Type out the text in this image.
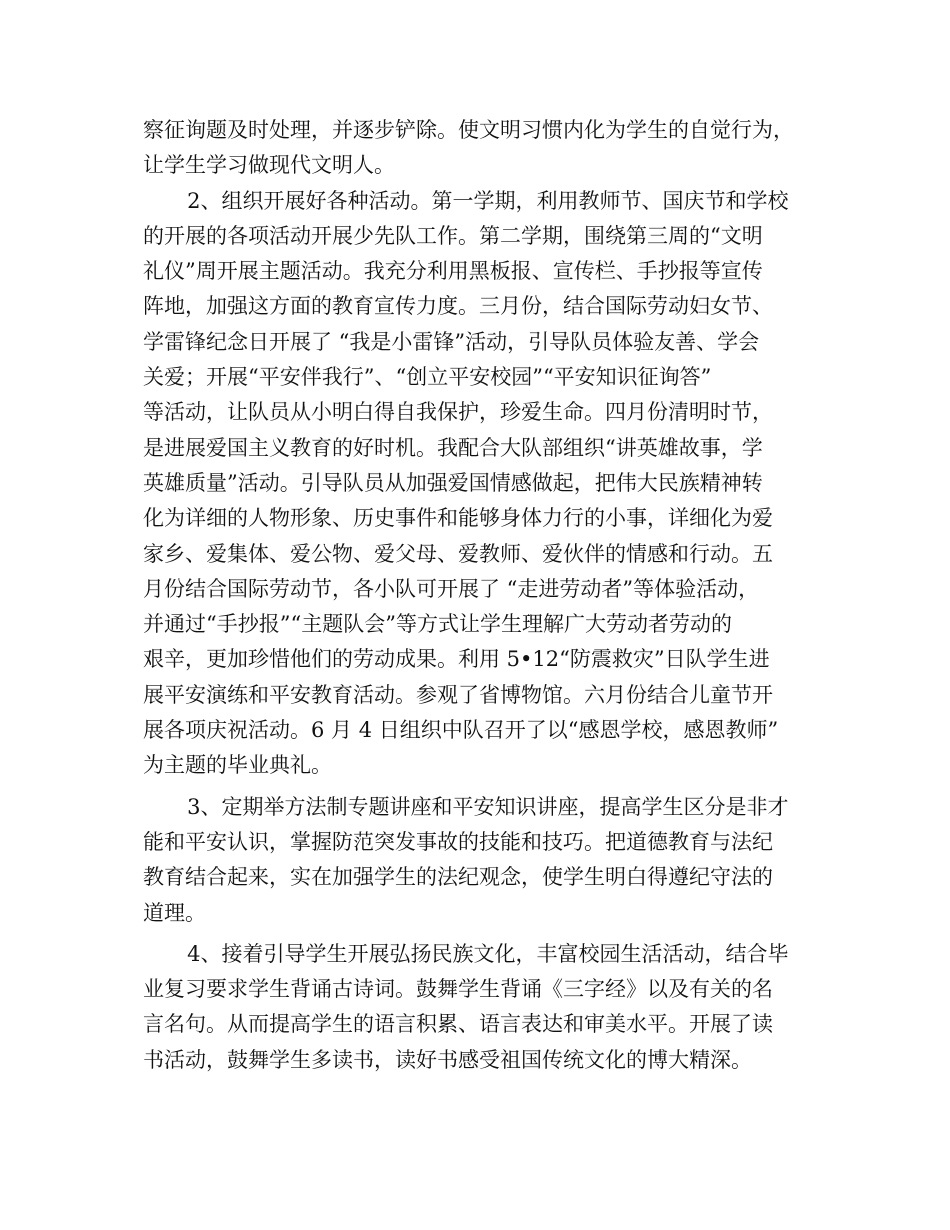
察征询题及时处理，并逐步铲除。使文明习惯内化为学生的自觉行为，
让学生学习做现代文明人。

2、组织开展好各种活动。第一学期，利用教师节、国庆节和学校
的开展的各项活动开展少先队工作。第二学期，围绕第三周的“文明
礼仪”周开展主题活动。我充分利用黑板报、宣传栏、手抄报等宣传
阵地，加强这方面的教育宣传力度。三月份，结合国际劳动妇女节、
学雷锋纪念日开展了 “我是小雷锋”活动，引导队员体验友善、学会
关爱；开展“平安伴我行”、“创立平安校园”“平安知识征询答”
等活动，让队员从小明白得自我保护，珍爱生命。四月份清明时节，
是进展爱国主义教育的好时机。我配合大队部组织“讲英雄故事，学
英雄质量”活动。引导队员从加强爱国情感做起，把伟大民族精神转
化为详细的人物形象、历史事件和能够身体力行的小事，详细化为爱
家乡、爱集体、爱公物、爱父母、爱教师、爱伙伴的情感和行动。五
月份结合国际劳动节，各小队可开展了 “走进劳动者”等体验活动，
并通过“手抄报”“主题队会”等方式让学生理解广大劳动者劳动的
艰辛，更加珍惜他们的劳动成果。利用 5•12“防震救灾”日队学生进
展平安演练和平安教育活动。参观了省博物馆。六月份结合儿童节开
展各项庆祝活动。6 月 4 日组织中队召开了以“感恩学校，感恩教师”
为主题的毕业典礼。

3、定期举方法制专题讲座和平安知识讲座，提高学生区分是非才
能和平安认识，掌握防范突发事故的技能和技巧。把道德教育与法纪
教育结合起来，实在加强学生的法纪观念，使学生明白得遵纪守法的
道理。

4、接着引导学生开展弘扬民族文化，丰富校园生活活动，结合毕
业复习要求学生背诵古诗词。鼓舞学生背诵《三字经》以及有关的名
言名句。从而提高学生的语言积累、语言表达和审美水平。开展了读
书活动，鼓舞学生多读书，读好书感受祖国传统文化的博大精深。
